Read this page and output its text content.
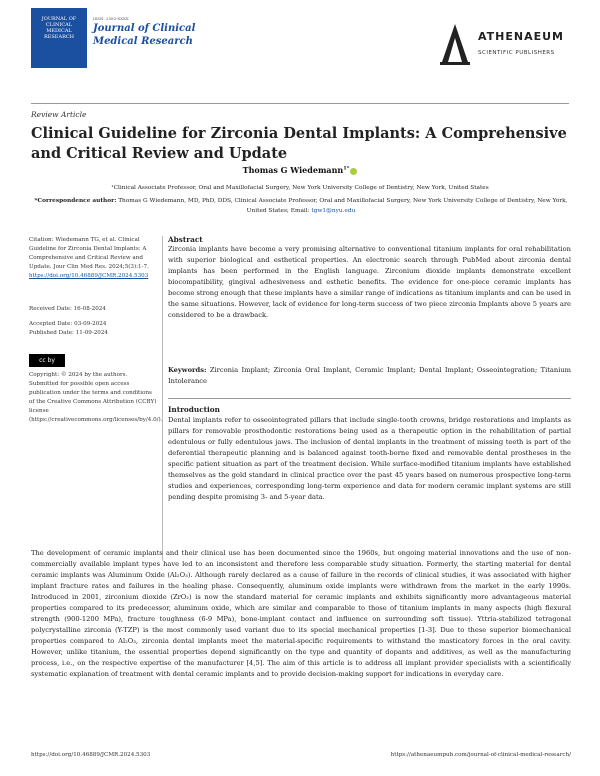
JOURNAL OF
CLINICAL
MEDICAL
RESEARCH
ISSN: 2583-XXXX
Journal of Clinical
Medical Research	ATHENAEUM
SCIENTIFIC PUBLISHERS
Review Article
Clinical Guideline for Zirconia Dental Implants: A Comprehensive and Critical Review and Update
Thomas G Wiedemann$^{1*}$
¹Clinical Associate Professor, Oral and Maxillofacial Surgery, New York University College of Dentistry, New York, United States
*Correspondence author: Thomas G Wiedemann, MD, PhD, DDS, Clinical Associate Professor, Oral and Maxillofacial Surgery, New York University College of Dentistry, New York, United States; Email: tgw1@nyu.edu
Citation: Wiedemann TG, et al. Clinical Guideline for Zirconia Dental Implants: A Comprehensive and Critical Review and Update. Jour Clin Med Res. 2024;5(3):1-7.
https://doi.org/10.46889/JCMR.2024.5303
Received Date: 16-08-2024
Accepted Date: 03-09-2024
Published Date: 11-09-2024
cc by
Copyright: © 2024 by the authors. Submitted for possible open access publication under the terms and conditions of the Creative Commons Attribution (CCBY) license (https://creativecommons.org/licenses/by/4.0/).
Abstract
Zirconia implants have become a very promising alternative to conventional titanium implants for oral rehabilitation with superior biological and esthetical properties. An electronic search through PubMed about zirconia dental implants has been performed in the English language. Zirconium dioxide implants demonstrate excellent biocompatibility, gingival adhesiveness and esthetic benefits. The evidence for one-piece ceramic implants has become strong enough that these implants have a similar range of indications as titanium implants and can be used in the same situations. However, lack of evidence for long-term success of two piece zirconia Implants above 5 years are considered to be a drawback.
Keywords: Zirconia Implant; Zirconia Oral Implant, Ceramic Implant; Dental Implant; Osseointegration; Titanium Intolerance
Introduction
Dental implants refer to osseointegrated pillars that include single-tooth crowns, bridge restorations and implants as pillars for removable prosthodontic restorations being used as a therapeutic option in the rehabilitation of partial edentulous or fully edentulous jaws. The inclusion of dental implants in the treatment of missing teeth is part of the deferential therapeutic planning and is balanced against tooth-borne fixed and removable dental prostheses in the specific patient situation as part of the treatment decision. While surface-modified titanium implants have established themselves as the gold standard in clinical practice over the past 45 years based on numerous prospective long-term studies and experiences, corresponding long-term experience and data for modern ceramic implant systems are still pending despite promising 3- and 5-year data.
The development of ceramic implants and their clinical use has been documented since the 1960s, but ongoing material innovations and the use of non-commercially available implant types have led to an inconsistent and therefore less comparable study situation. Formerly, the starting material for dental ceramic implants was Aluminum Oxide (Al₂O₃). Although rarely declared as a cause of failure in the records of clinical studies, it was associated with higher implant fracture rates and failures in the healing phase. Consequently, aluminum oxide implants were withdrawn from the market in the early 1990s. Introduced in 2001, zirconium dioxide (ZrO₂) is now the standard material for ceramic implants and exhibits significantly more advantageous material properties compared to its predecessor, aluminum oxide, which are similar and comparable to those of titanium implants in many aspects (high flexural strength (900-1200 MPa), fracture toughness (6-9 MPa), bone-implant contact and influence on surrounding soft tissue). Yttria-stabilized tetragonal polycrystalline zirconia (Y-TZP) is the most commonly used variant due to its special mechanical properties [1-3]. Due to these superior biomechanical properties compared to Al₂O₃, zirconia dental implants meet the material-specific requirements to withstand the masticatory forces in the oral cavity. However, unlike titanium, the essential properties depend significantly on the type and quantity of dopants and additives, as well as the manufacturing process, i.e., on the respective expertise of the manufacturer [4,5]. The aim of this article is to address all implant provider specialists with a scientifically systematic explanation of treatment with dental ceramic implants and to provide decision-making support for indications in everyday care.
https://doi.org/10.46889/JCMR.2024.5303	https://athenaeumpub.com/journal-of-clinical-medical-research/
